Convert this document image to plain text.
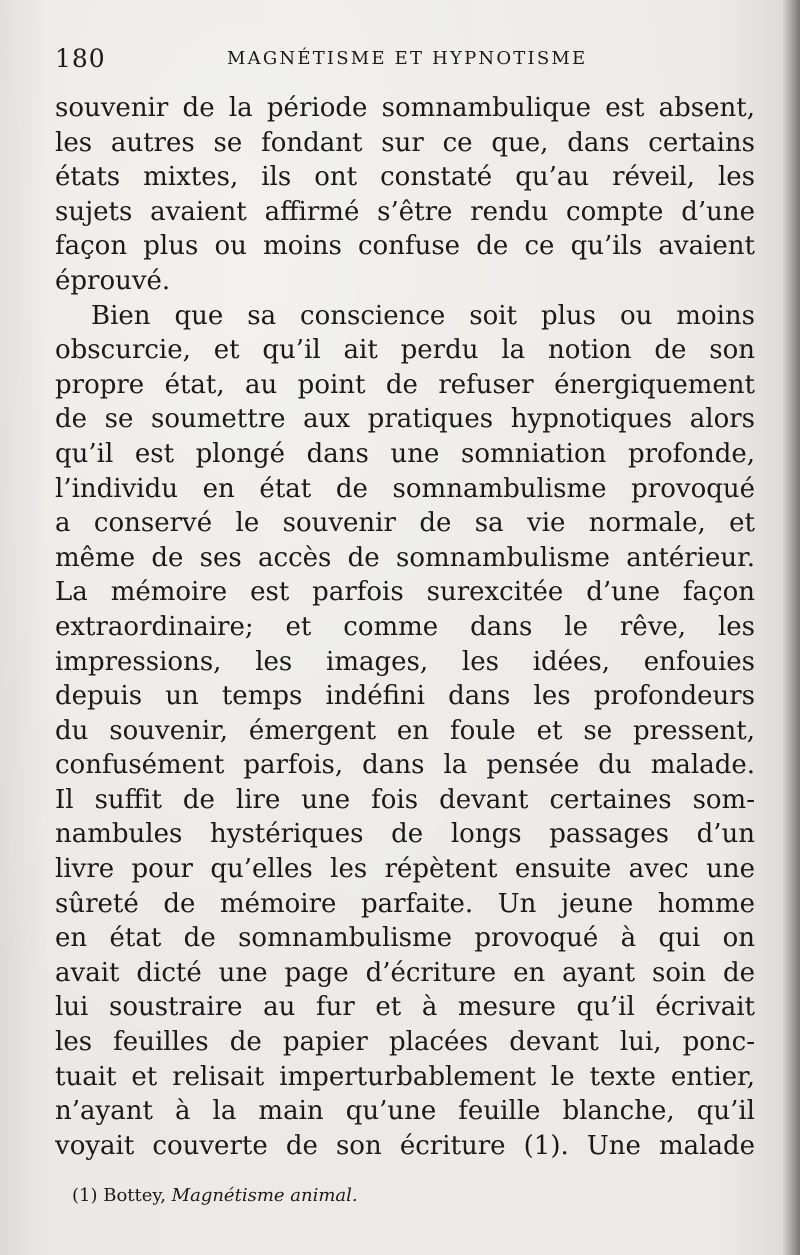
180	MAGNÉTISME ET HYPNOTISME
souvenir de la période somnambulique est absent,
les autres se fondant sur ce que, dans certains
états mixtes, ils ont constaté qu’au réveil, les
sujets avaient affirmé s’être rendu compte d’une
façon plus ou moins confuse de ce qu’ils avaient
éprouvé.
Bien que sa conscience soit plus ou moins
obscurcie, et qu’il ait perdu la notion de son
propre état, au point de refuser énergiquement
de se soumettre aux pratiques hypnotiques alors
qu’il est plongé dans une somniation profonde,
l’individu en état de somnambulisme provoqué
a conservé le souvenir de sa vie normale, et
même de ses accès de somnambulisme antérieur.
La mémoire est parfois surexcitée d’une façon
extraordinaire; et comme dans le rêve, les
impressions, les images, les idées, enfouies
depuis un temps indéfini dans les profondeurs
du souvenir, émergent en foule et se pressent,
confusément parfois, dans la pensée du malade.
Il suffit de lire une fois devant certaines som-
nambules hystériques de longs passages d’un
livre pour qu’elles les répètent ensuite avec une
sûreté de mémoire parfaite. Un jeune homme
en état de somnambulisme provoqué à qui on
avait dicté une page d’écriture en ayant soin de
lui soustraire au fur et à mesure qu’il écrivait
les feuilles de papier placées devant lui, ponc-
tuait et relisait imperturbablement le texte entier,
n’ayant à la main qu’une feuille blanche, qu’il
voyait couverte de son écriture (1). Une malade
(1) Bottey, Magnétisme animal.
